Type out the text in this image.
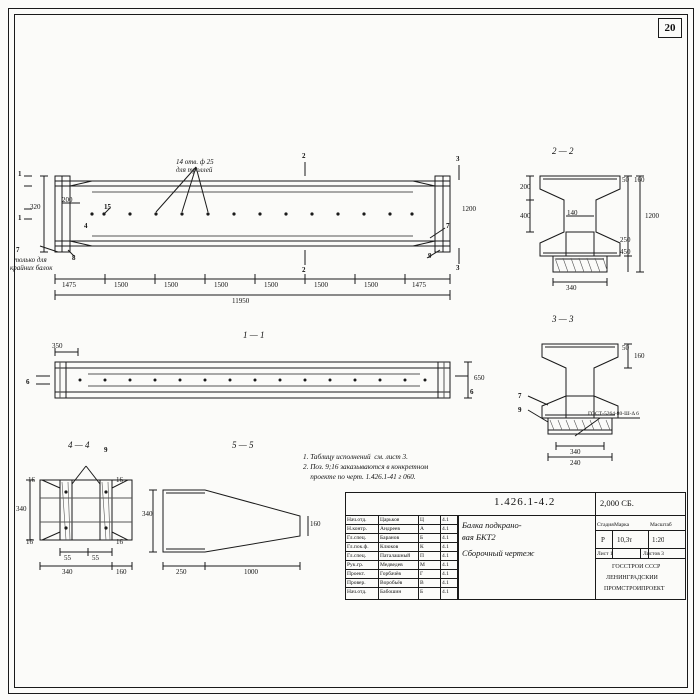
20
14 отв. ф 25
для троллей
2
2
3
3
1
1
320
200
15
4
7
8
7
9
1200
только для
крайних балок
1475	1500	1500	1500	1500	1500	1500	1475
11950
1 — 1
350
650
6
6
2 — 2
400
200
140
250
1200
50 160
450
340
3 — 3
50
160
340
240
7
9	ГОСТ-5264-80-Ш-Δ 6
4 — 4 9
16	16
16	16
340
55	55
340	160
5 — 5
340
160
250	1000
1. Таблицу исполнений  см. лист 3.
2. Поз. 9;16 заказываются в конкретном
проекте по черт. 1.426.1-41 г 060.
Нач.отд. Царьков	Ц	4.1
Н.контр. Андреев	А	4.1
Гл.спец.	Баранов	Б	4.1
Гл.пок.ф. Клюков	К	4.1
Гл.спец.	Паталашный П	4.1
Рук.гр.	Медведев	М	4.1
Проект.	Горбачёв	Г	4.1
Провер.	Воробьёв	В	4.1
Нач.отд. Бабошин	Б	4.1
1.426.1-4.2	2,000 СБ.
Балка подкрано-
вая БКТ2
Сборочный чертеж
Стадия Марка	Масштаб
Р 10,3т	1:20
Лист 1	Листов 3
ГОССТРОЙ СССР
ЛЕНИНГРАДСКИЙ
ПРОМСТРОЙПРОЕКТ
